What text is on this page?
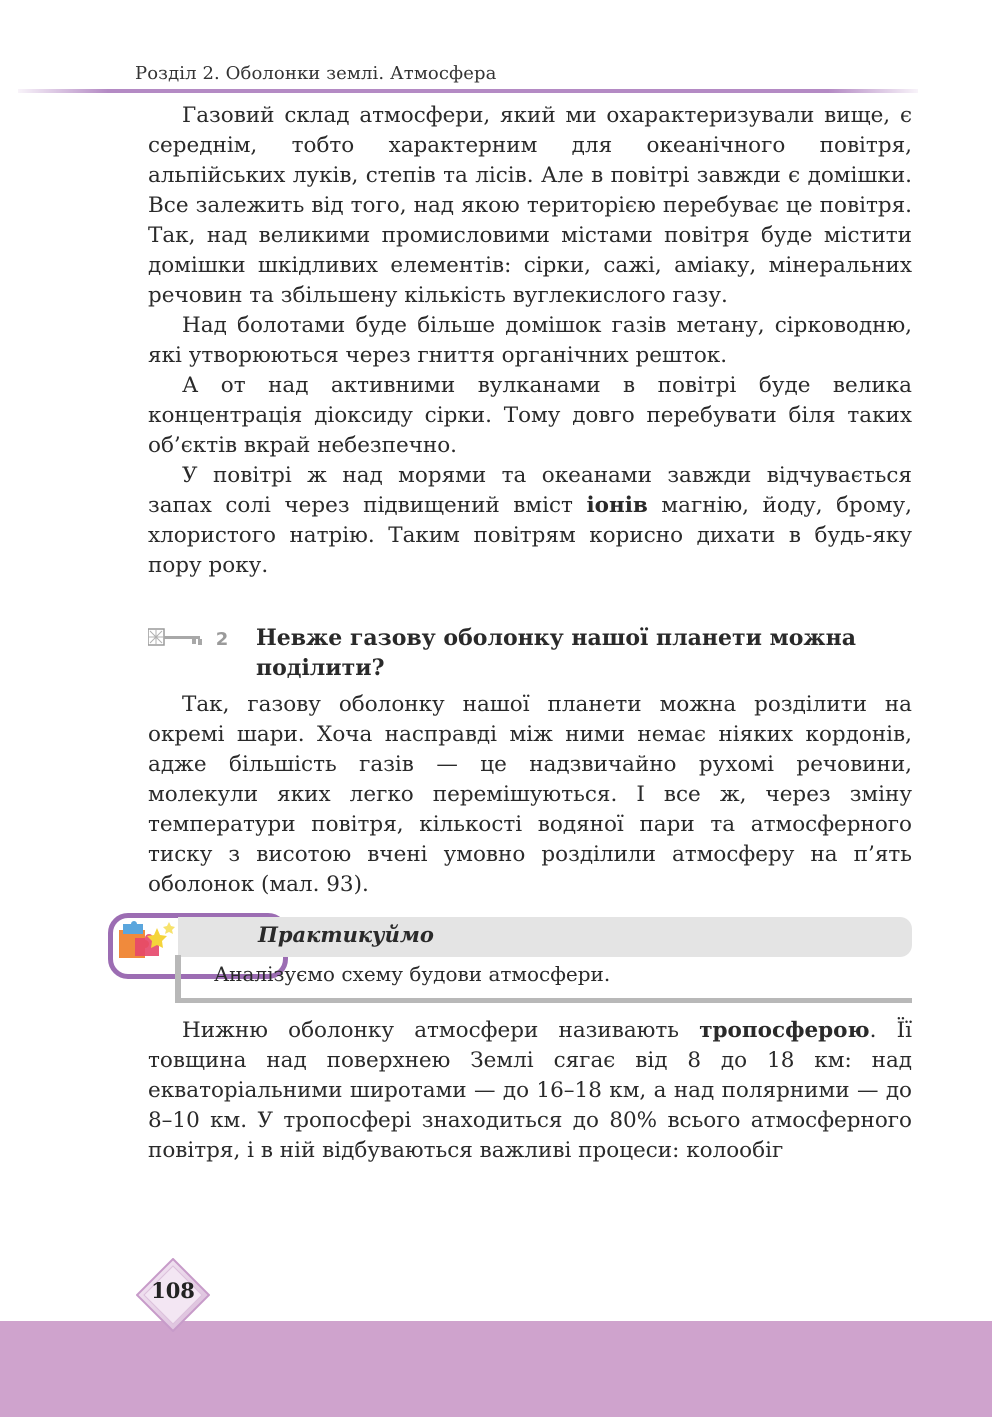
Розділ 2. Оболонки землі. Атмосфера

Газовий склад атмосфери, який ми охарактеризували вище, є середнім, тобто характерним для океанічного повітря, альпійських луків, степів та лісів. Але в повітрі завжди є домішки. Все залежить від того, над якою територією перебуває це повітря. Так, над великими промисловими містами повітря буде містити домішки шкідливих елементів: сірки, сажі, аміаку, мінеральних речовин та збільшену кількість вуглекислого газу.

Над болотами буде більше домішок газів метану, сірководню, які утворюються через гниття органічних решток.

А от над активними вулканами в повітрі буде велика концентрація діоксиду сірки. Тому довго перебувати біля таких об’єктів вкрай небезпечно.

У повітрі ж над морями та океанами завжди відчувається запах солі через підвищений вміст іонів магнію, йоду, брому, хлористого натрію. Таким повітрям корисно дихати в будь-яку пору року.

2 Невже газову оболонку нашої планети можна поділити?

Так, газову оболонку нашої планети можна розділити на окремі шари. Хоча насправді між ними немає ніяких кордонів, адже більшість газів — це надзвичайно рухомі речовини, молекули яких легко перемішуються. І все ж, через зміну температури повітря, кількості водяної пари та атмосферного тиску з висотою вчені умовно розділили атмосферу на п’ять оболонок (мал. 93).

Практикуймо
Аналізуємо схему будови атмосфери.

Нижню оболонку атмосфери називають тропосферою. Її товщина над поверхнею Землі сягає від 8 до 18 км: над екваторіальними широтами — до 16–18 км, а над полярними — до 8–10 км. У тропосфері знаходиться до 80% всього атмосферного повітря, і в ній відбуваються важливі процеси: колообіг

108
